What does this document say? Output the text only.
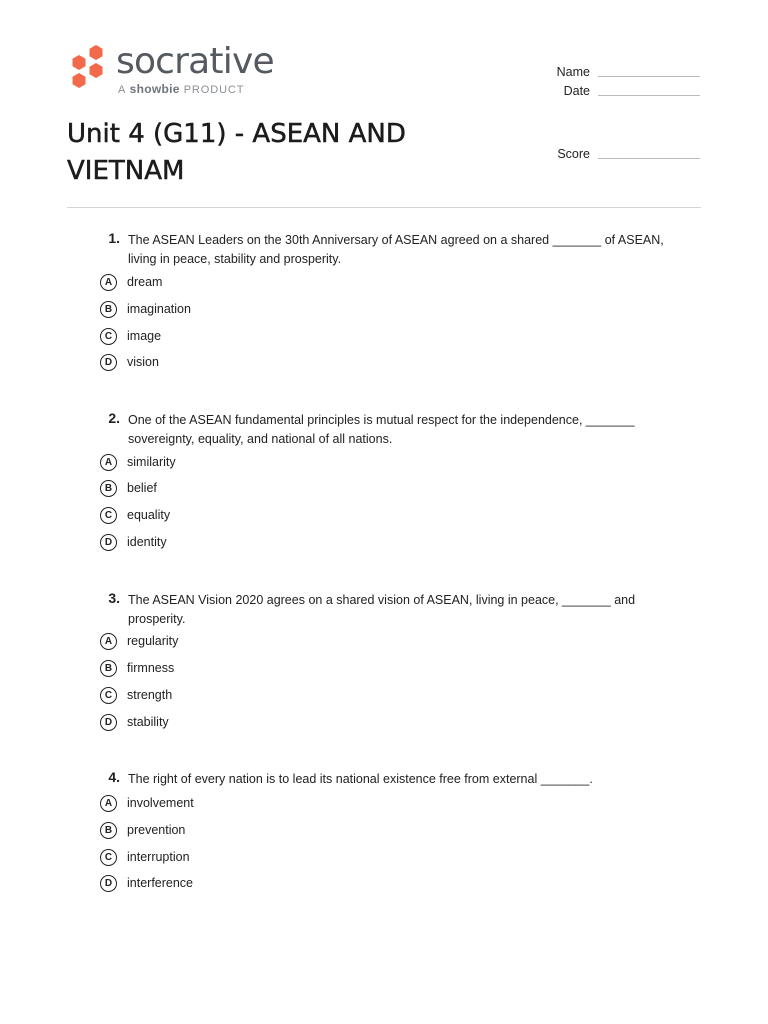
socrative
A showbie PRODUCT
Name
Date
Score
Unit 4 (G11) - ASEAN AND VIETNAM
1. The ASEAN Leaders on the 30th Anniversary of ASEAN agreed on a shared _______ of ASEAN, living in peace, stability and prosperity.
A	dream
B	imagination
C	image
D	vision
2. One of the ASEAN fundamental principles is mutual respect for the independence, _______ sovereignty, equality, and national of all nations.
A	similarity
B	belief
C	equality
D	identity
3. The ASEAN Vision 2020 agrees on a shared vision of ASEAN, living in peace, _______ and prosperity.
A	regularity
B	firmness
C	strength
D	stability
4. The right of every nation is to lead its national existence free from external _______.
A	involvement
B	prevention
C	interruption
D	interference
